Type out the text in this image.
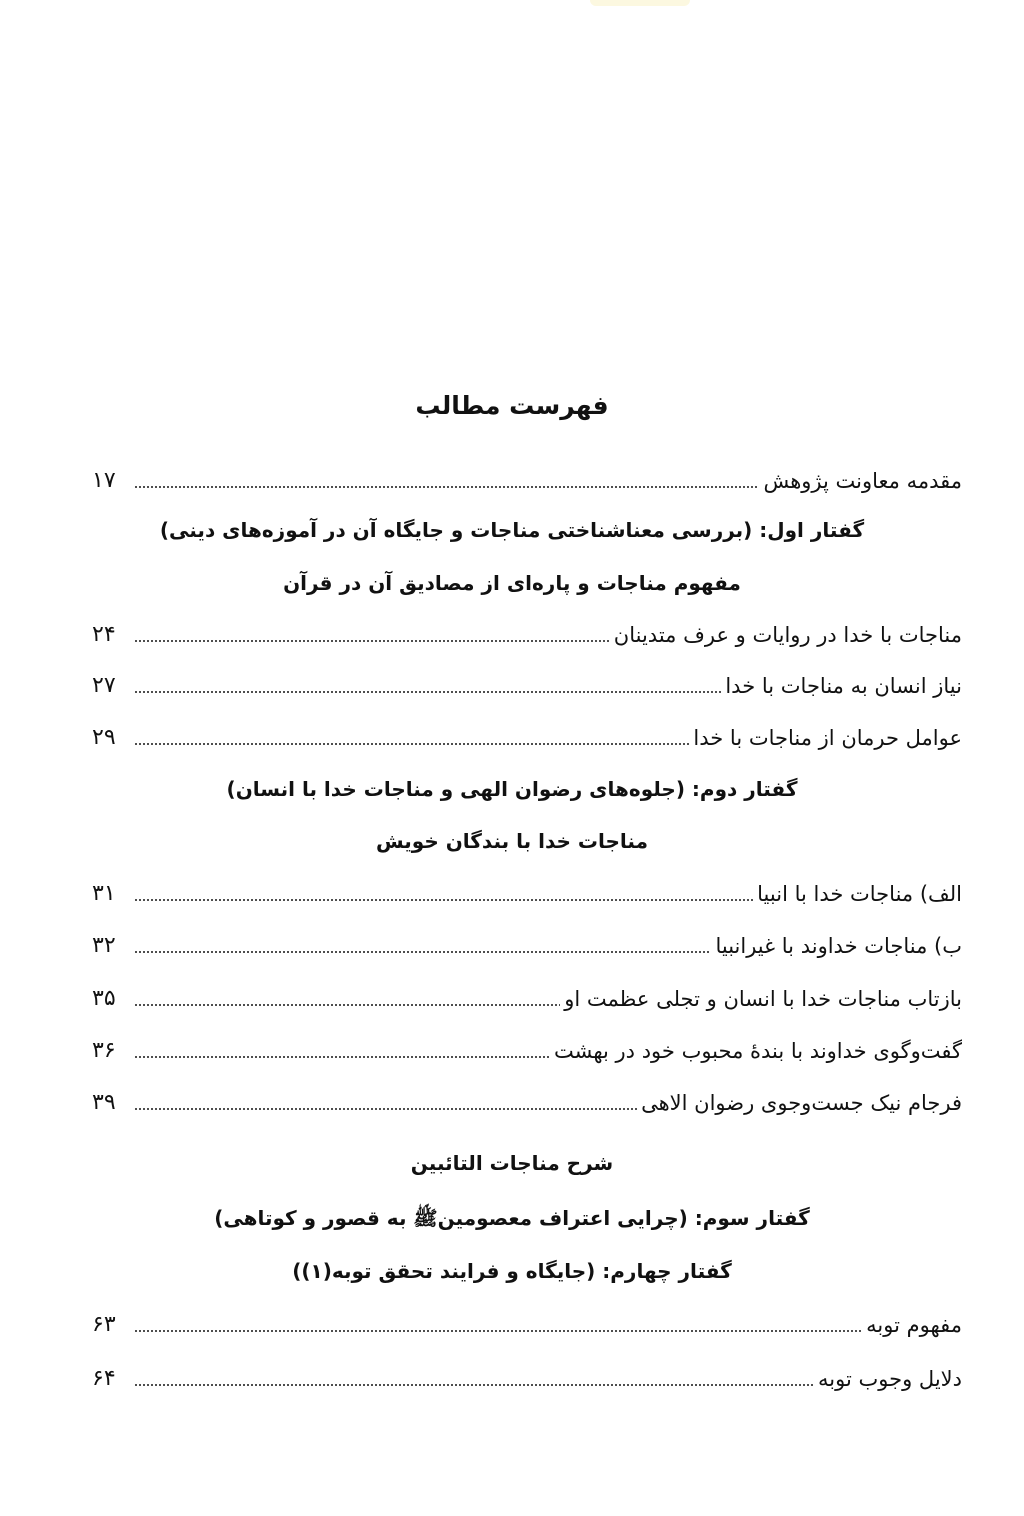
فهرست مطالب
مقدمه معاونت پژوهش
۱۷
گفتار اول: (بررسی معناشناختی مناجات و جایگاه آن در آموزه‌های دینی)
مفهوم مناجات و پاره‌ای از مصادیق آن در قرآن
مناجات با خدا در روایات و عرف متدینان
۲۴
نیاز انسان به مناجات با خدا
۲۷
عوامل حرمان از مناجات با خدا
۲۹
گفتار دوم: (جلوه‌های رضوان الهی و مناجات خدا با انسان)
مناجات خدا با بندگان خویش
الف) مناجات خدا با انبیا
۳۱
ب) مناجات خداوند با غیرانبیا
۳۲
بازتاب مناجات خدا با انسان و تجلی عظمت او
۳۵
گفت‌وگوی خداوند با بندهٔ محبوب خود در بهشت
۳۶
فرجام نیک جست‌وجوی رضوان الاهی
۳۹
شرح مناجات التائبین
گفتار سوم: (چرایی اعتراف معصومینﷺ به قصور و کوتاهی)
گفتار چهارم: (جایگاه و فرایند تحقق توبه(۱))
مفهوم توبه
۶۳
دلایل وجوب توبه
۶۴
